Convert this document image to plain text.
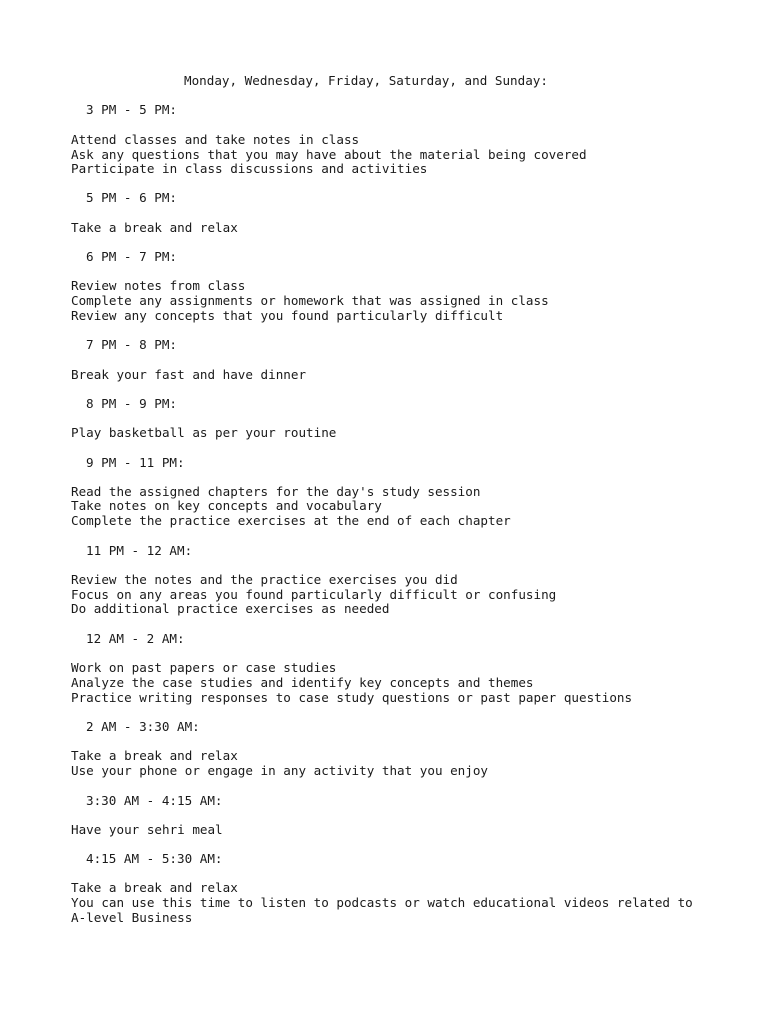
Monday, Wednesday, Friday, Saturday, and Sunday:

3 PM - 5 PM:

Attend classes and take notes in class

Ask any questions that you may have about the material being covered

Participate in class discussions and activities

5 PM - 6 PM:

Take a break and relax

6 PM - 7 PM:

Review notes from class

Complete any assignments or homework that was assigned in class

Review any concepts that you found particularly difficult

7 PM - 8 PM:

Break your fast and have dinner

8 PM - 9 PM:

Play basketball as per your routine

9 PM - 11 PM:

Read the assigned chapters for the day's study session

Take notes on key concepts and vocabulary

Complete the practice exercises at the end of each chapter

11 PM - 12 AM:

Review the notes and the practice exercises you did

Focus on any areas you found particularly difficult or confusing

Do additional practice exercises as needed

12 AM - 2 AM:

Work on past papers or case studies

Analyze the case studies and identify key concepts and themes

Practice writing responses to case study questions or past paper questions

2 AM - 3:30 AM:

Take a break and relax

Use your phone or engage in any activity that you enjoy

3:30 AM - 4:15 AM:

Have your sehri meal

4:15 AM - 5:30 AM:

Take a break and relax

You can use this time to listen to podcasts or watch educational videos related to

A-level Business
